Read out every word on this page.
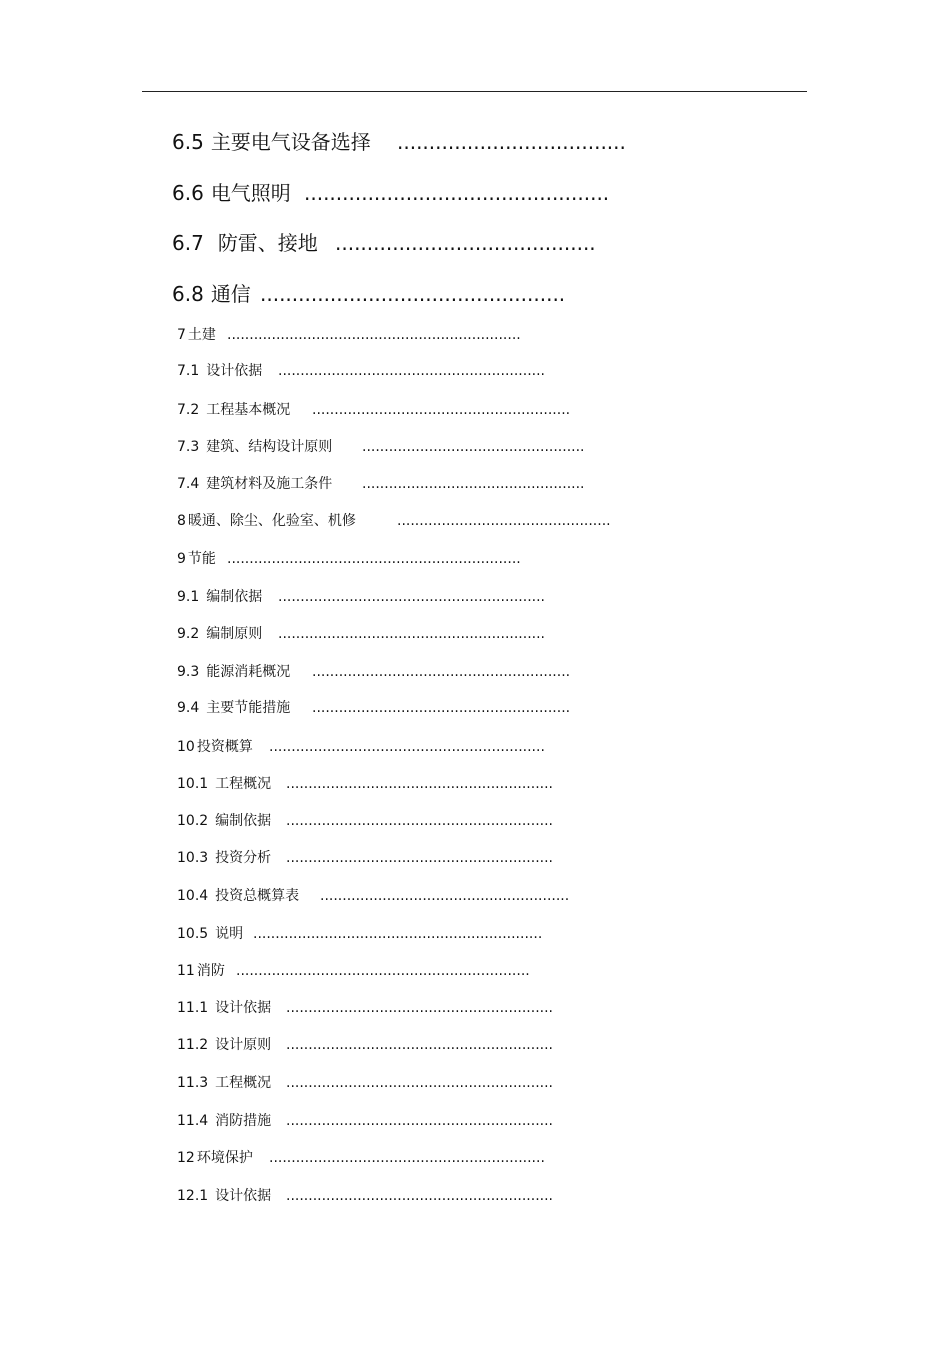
6.5 主要电气设备选择 ....................................
6.6 电气照明 ................................................
6.7 防雷、接地 .........................................
6.8 通信 ................................................
7 土建 ..................................................................
7.1 设计依据 ............................................................
7.2 工程基本概况 ..........................................................
7.3 建筑、结构设计原则 ..................................................
7.4 建筑材料及施工条件 ..................................................
8 暖通、除尘、化验室、机修	................................................
9 节能 ..................................................................
9.1 编制依据 ............................................................
9.2 编制原则 ............................................................
9.3 能源消耗概况 ..........................................................
9.4 主要节能措施 ..........................................................
10 投资概算 ..............................................................
10.1 工程概况 ............................................................
10.2 编制依据 ............................................................
10.3 投资分析 ............................................................
10.4 投资总概算表 ........................................................
10.5 说明 .................................................................
11 消防 ..................................................................
11.1 设计依据 ............................................................
11.2 设计原则 ............................................................
11.3 工程概况 ............................................................
11.4 消防措施 ............................................................
12 环境保护 ..............................................................
12.1 设计依据 ............................................................
